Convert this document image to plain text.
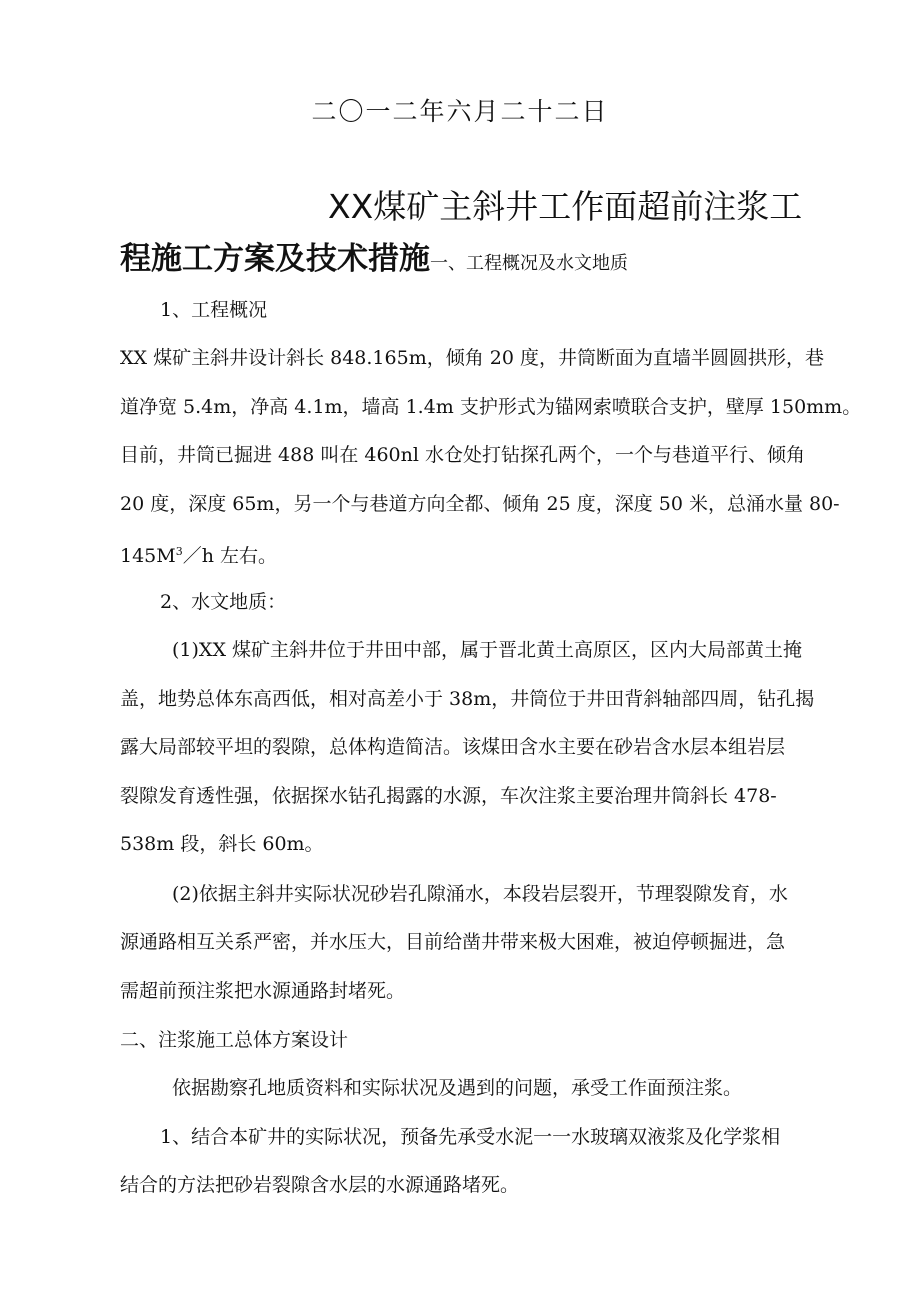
二〇一二年六月二十二日
XX煤矿主斜井工作面超前注浆工
程施工方案及技术措施一、工程概况及水文地质
1、工程概况
XX 煤矿主斜井设计斜长 848.165m，倾角 20 度，井筒断面为直墙半圆圆拱形，巷
道净宽 5.4m，净高 4.1m，墙高 1.4m 支护形式为锚网索喷联合支护，壁厚 150mm。
目前，井筒已掘进 488 叫在 460nl 水仓处打钻探孔两个，一个与巷道平行、倾角
20 度，深度 65m，另一个与巷道方向全都、倾角 25 度，深度 50 米，总涌水量 80-
$145M^3/h$ 左右。
2、水文地质：
(1)XX 煤矿主斜井位于井田中部，属于晋北黄土高原区，区内大局部黄土掩
盖，地势总体东高西低，相对高差小于 38m，井筒位于井田背斜轴部四周，钻孔揭
露大局部较平坦的裂隙，总体构造简洁。该煤田含水主要在砂岩含水层本组岩层
裂隙发育透性强，依据探水钻孔揭露的水源，车次注浆主要治理井筒斜长 478-
538m 段，斜长 60m。
(2)依据主斜井实际状况砂岩孔隙涌水，本段岩层裂开，节理裂隙发育，水
源通路相互关系严密，并水压大，目前给凿井带来极大困难，被迫停顿掘进，急
需超前预注浆把水源通路封堵死。
二、注浆施工总体方案设计
依据勘察孔地质资料和实际状况及遇到的问题，承受工作面预注浆。
1、结合本矿井的实际状况，预备先承受水泥一一水玻璃双液浆及化学浆相
结合的方法把砂岩裂隙含水层的水源通路堵死。
